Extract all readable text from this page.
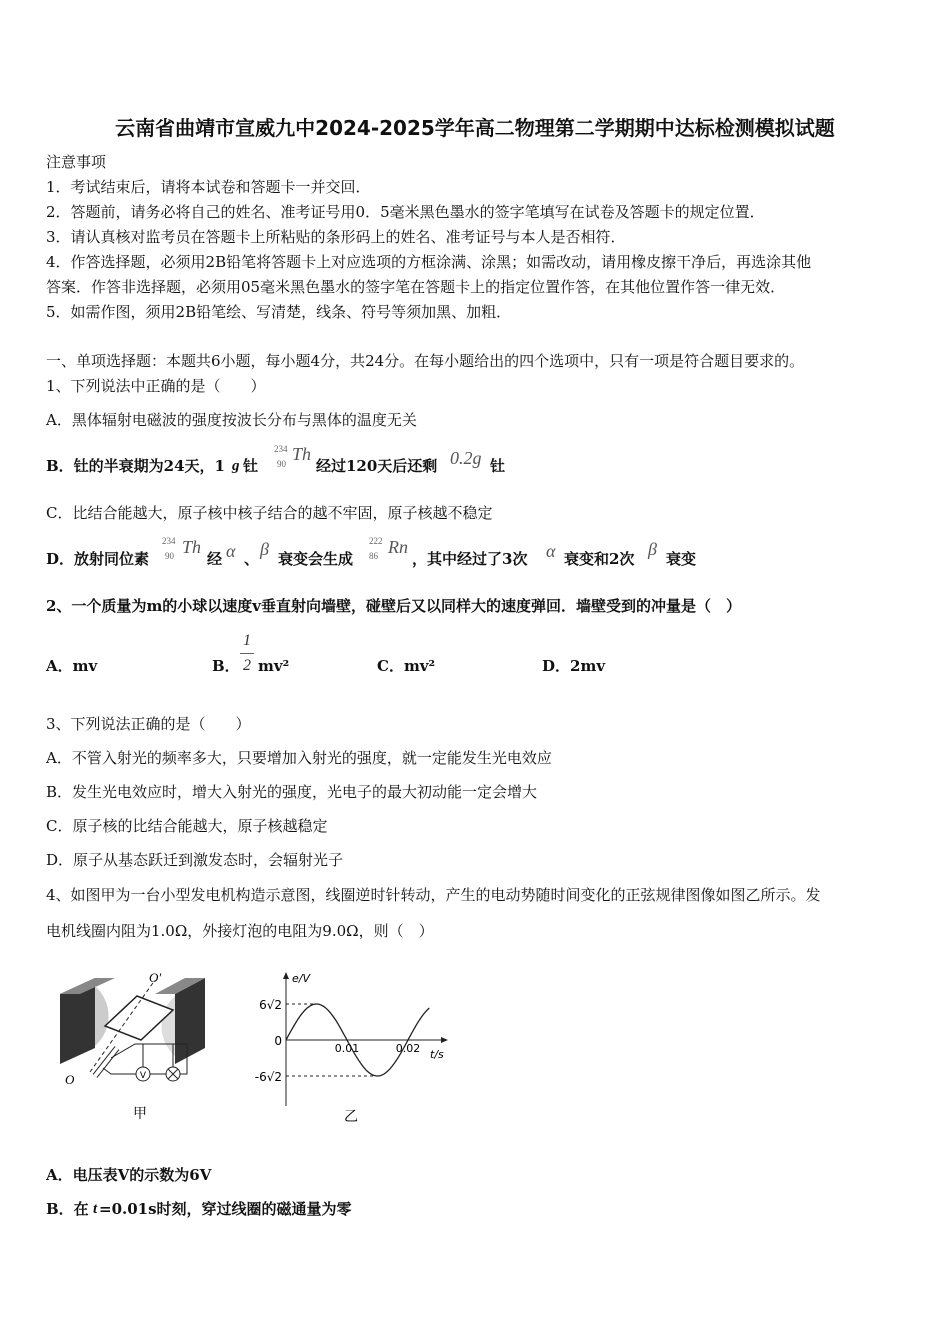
云南省曲靖市宣威九中2024-2025学年高二物理第二学期期中达标检测模拟试题
注意事项
1．考试结束后，请将本试卷和答题卡一并交回．
2．答题前，请务必将自己的姓名、准考证号用0．5毫米黑色墨水的签字笔填写在试卷及答题卡的规定位置．
3．请认真核对监考员在答题卡上所粘贴的条形码上的姓名、准考证号与本人是否相符．
4．作答选择题，必须用2B铅笔将答题卡上对应选项的方框涂满、涂黑；如需改动，请用橡皮擦干净后，再选涂其他
答案．作答非选择题，必须用05毫米黑色墨水的签字笔在答题卡上的指定位置作答，在其他位置作答一律无效．
5．如需作图，须用2B铅笔绘、写清楚，线条、符号等须加黑、加粗．
一、单项选择题：本题共6小题，每小题4分，共24分。在每小题给出的四个选项中，只有一项是符合题目要求的。
1、下列说法中正确的是（　　）
A．黑体辐射电磁波的强度按波长分布与黑体的温度无关
B．钍的半衰期为24天，1 g 钍
234
90 Th
经过120天后还剩 0.2g 钍
C．比结合能越大，原子核中核子结合的越不牢固，原子核越不稳定
D．放射同位素
234
90 Th
经 α 、 β 衰变会生成
222
86 Rn
，其中经过了3次 α 衰变和2次 β 衰变
2、一个质量为m的小球以速度v垂直射向墙壁，碰壁后又以同样大的速度弹回．墙壁受到的冲量是（　）
A．mv	B．
1
2 mv²	C．mv²	D．2mv
3、下列说法正确的是（　　）
A．不管入射光的频率多大，只要增加入射光的强度，就一定能发生光电效应
B．发生光电效应时，增大入射光的强度，光电子的最大初动能一定会增大
C．原子核的比结合能越大，原子核越稳定
D．原子从基态跃迁到激发态时，会辐射光子
4、如图甲为一台小型发电机构造示意图，线圈逆时针转动，产生的电动势随时间变化的正弦规律图像如图乙所示。发
电机线圈内阻为1.0Ω，外接灯泡的电阻为9.0Ω，则（　）
V
O′
O
甲
e/V
t/s
6√2
0
-6√2
0.01	0.02
乙
A．电压表V的示数为6V
B．在 t =0.01s时刻，穿过线圈的磁通量为零
